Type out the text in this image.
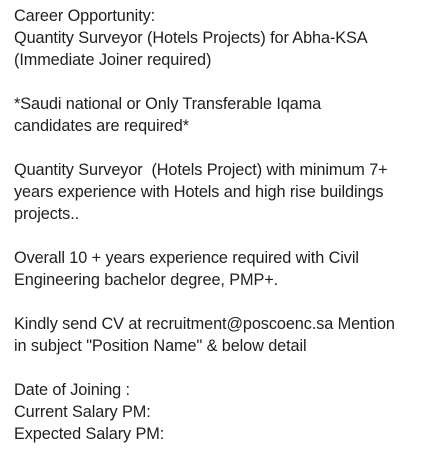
Career Opportunity:
Quantity Surveyor (Hotels Projects) for Abha-KSA
(Immediate Joiner required)
*Saudi national or Only Transferable Iqama
candidates are required*
Quantity Surveyor  (Hotels Project) with minimum 7+
years experience with Hotels and high rise buildings
projects..
Overall 10 + years experience required with Civil
Engineering bachelor degree, PMP+.
Kindly send CV at recruitment@poscoenc.sa Mention
in subject "Position Name" & below detail
Date of Joining :
Current Salary PM:
Expected Salary PM:
